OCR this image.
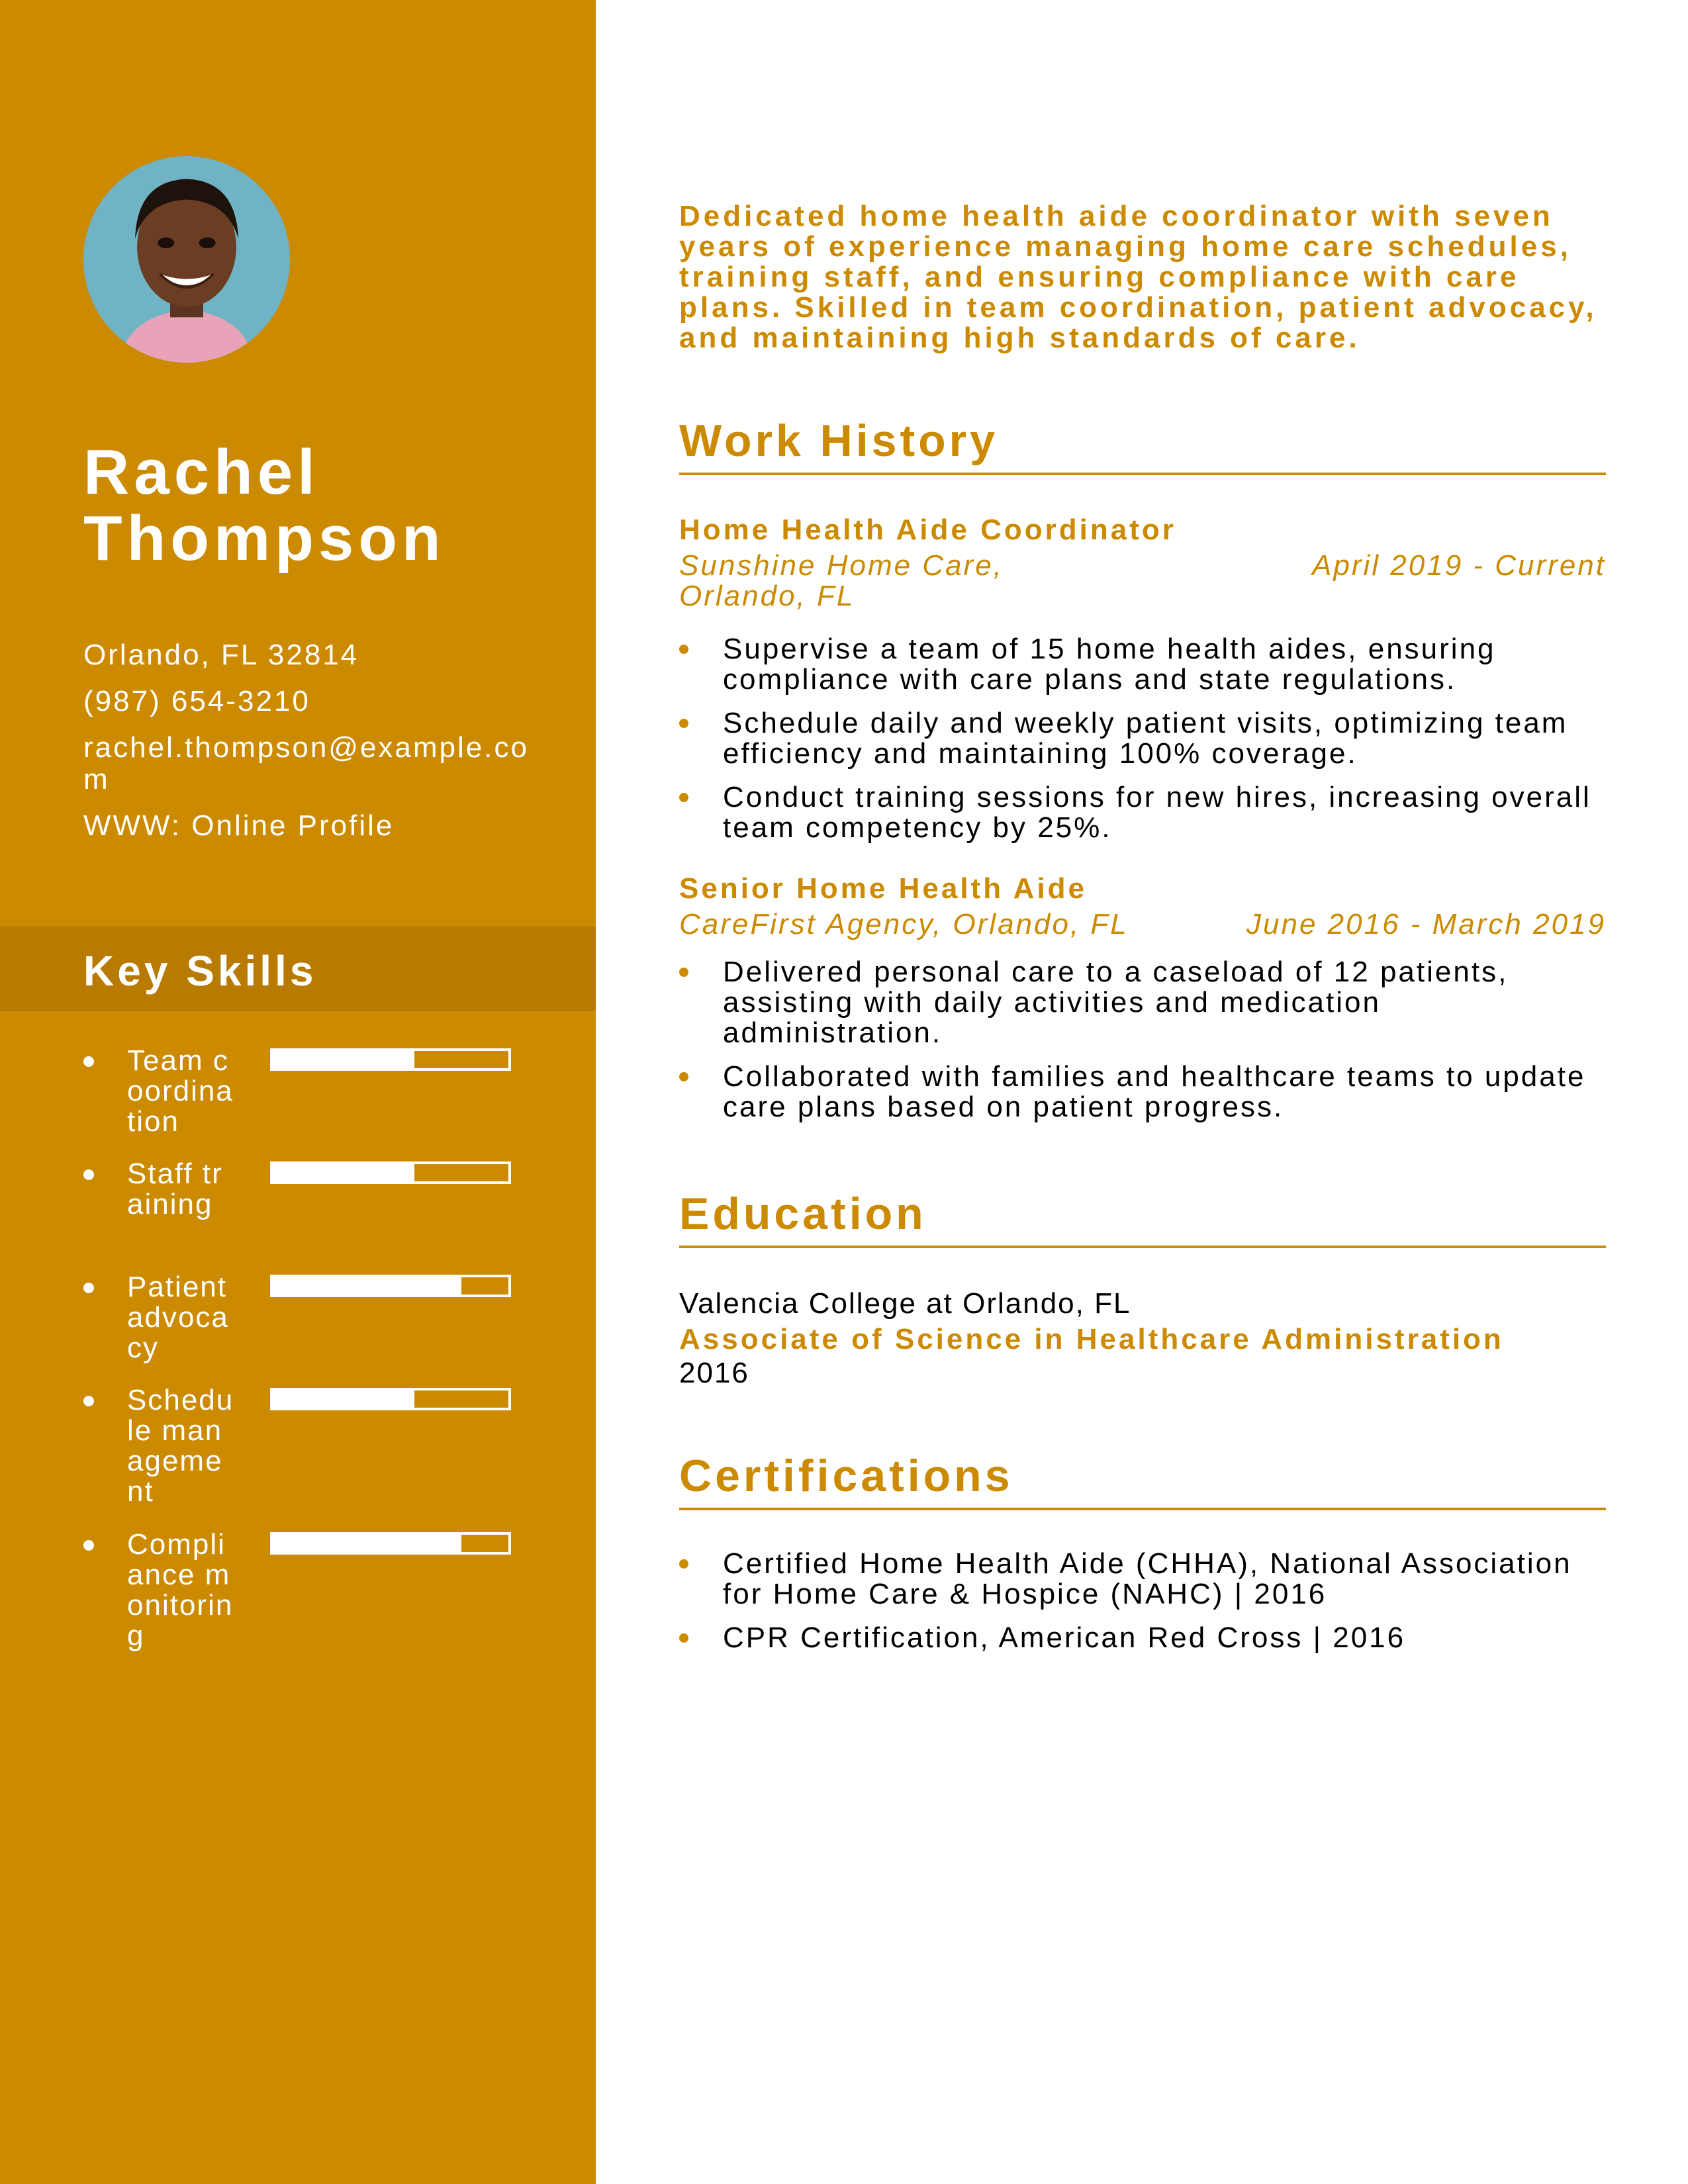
Rachel
Thompson
Orlando, FL 32814
(987) 654-3210
rachel.thompson@example.com
WWW: Online Profile
Key Skills
Team coordination
Staff training
Patient advocacy
Schedule management
Compliance monitoring

Dedicated home health aide coordinator with seven years of experience managing home care schedules, training staff, and ensuring compliance with care plans. Skilled in team coordination, patient advocacy, and maintaining high standards of care.

Work History
Home Health Aide Coordinator
Sunshine Home Care, Orlando, FL
April 2019 - Current
Supervise a team of 15 home health aides, ensuring compliance with care plans and state regulations.
Schedule daily and weekly patient visits, optimizing team efficiency and maintaining 100% coverage.
Conduct training sessions for new hires, increasing overall team competency by 25%.
Senior Home Health Aide
CareFirst Agency, Orlando, FL	June 2016 - March 2019
Delivered personal care to a caseload of 12 patients, assisting with daily activities and medication administration.
Collaborated with families and healthcare teams to update care plans based on patient progress.
Education
Valencia College at Orlando, FL
Associate of Science in Healthcare Administration
2016
Certifications
Certified Home Health Aide (CHHA), National Association for Home Care & Hospice (NAHC) | 2016
CPR Certification, American Red Cross | 2016
